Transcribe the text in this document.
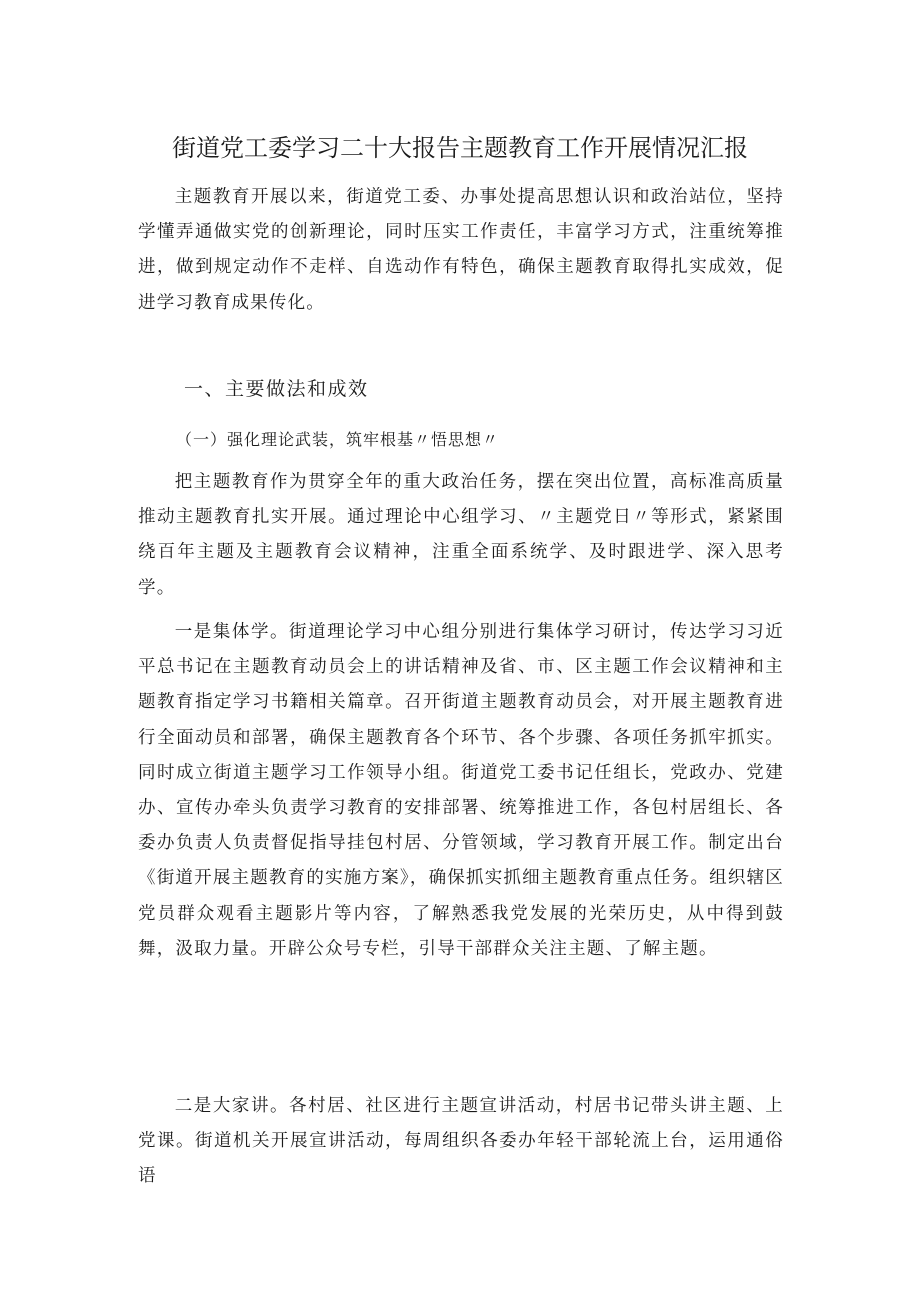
街道党工委学习二十大报告主题教育工作开展情况汇报

主题教育开展以来，街道党工委、办事处提高思想认识和政治站位，坚持学懂弄通做实党的创新理论，同时压实工作责任，丰富学习方式，注重统筹推进，做到规定动作不走样、自选动作有特色，确保主题教育取得扎实成效，促进学习教育成果传化。

一、主要做法和成效
（一）强化理论武装，筑牢根基〃悟思想〃

把主题教育作为贯穿全年的重大政治任务，摆在突出位置，高标准高质量推动主题教育扎实开展。通过理论中心组学习、〃主题党日〃等形式，紧紧围绕百年主题及主题教育会议精神，注重全面系统学、及时跟进学、深入思考学。

一是集体学。街道理论学习中心组分别进行集体学习研讨，传达学习习近平总书记在主题教育动员会上的讲话精神及省、市、区主题工作会议精神和主题教育指定学习书籍相关篇章。召开街道主题教育动员会，对开展主题教育进行全面动员和部署，确保主题教育各个环节、各个步骤、各项任务抓牢抓实。同时成立街道主题学习工作领导小组。街道党工委书记任组长，党政办、党建办、宣传办牵头负责学习教育的安排部署、统筹推进工作，各包村居组长、各委办负责人负责督促指导挂包村居、分管领域，学习教育开展工作。制定出台《街道开展主题教育的实施方案》，确保抓实抓细主题教育重点任务。组织辖区党员群众观看主题影片等内容，了解熟悉我党发展的光荣历史，从中得到鼓舞，汲取力量。开辟公众号专栏，引导干部群众关注主题、了解主题。

二是大家讲。各村居、社区进行主题宣讲活动，村居书记带头讲主题、上党课。街道机关开展宣讲活动，每周组织各委办年轻干部轮流上台，运用通俗语
